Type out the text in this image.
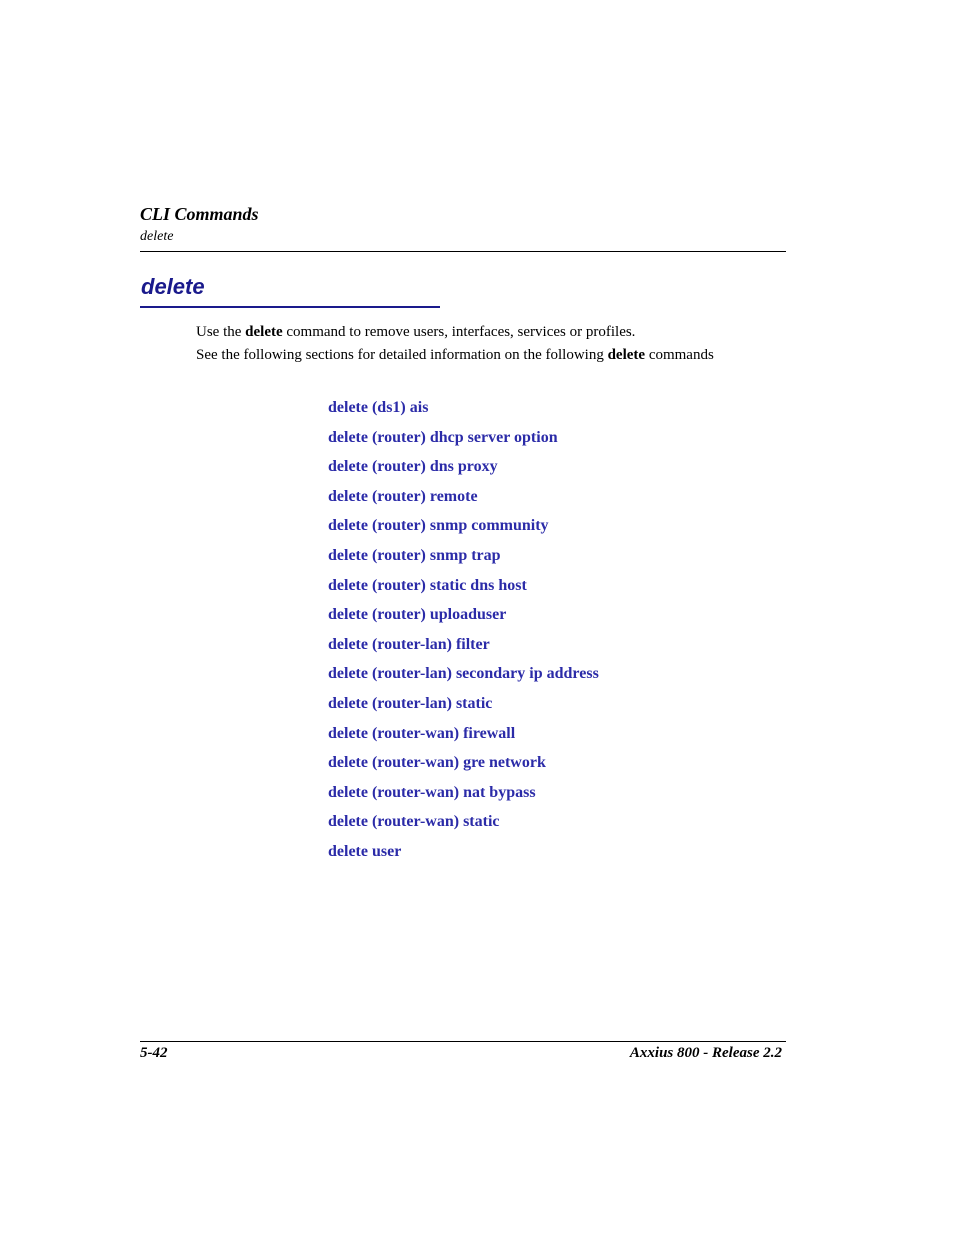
CLI Commands
delete
delete
Use the delete command to remove users, interfaces, services or profiles.
See the following sections for detailed information on the following delete commands
delete (ds1) ais
delete (router) dhcp server option
delete (router) dns proxy
delete (router) remote
delete (router) snmp community
delete (router) snmp trap
delete (router) static dns host
delete (router) uploaduser
delete (router-lan) filter
delete (router-lan) secondary ip address
delete (router-lan) static
delete (router-wan) firewall
delete (router-wan) gre network
delete (router-wan) nat bypass
delete (router-wan) static
delete user
5-42	Axxius 800 - Release 2.2
